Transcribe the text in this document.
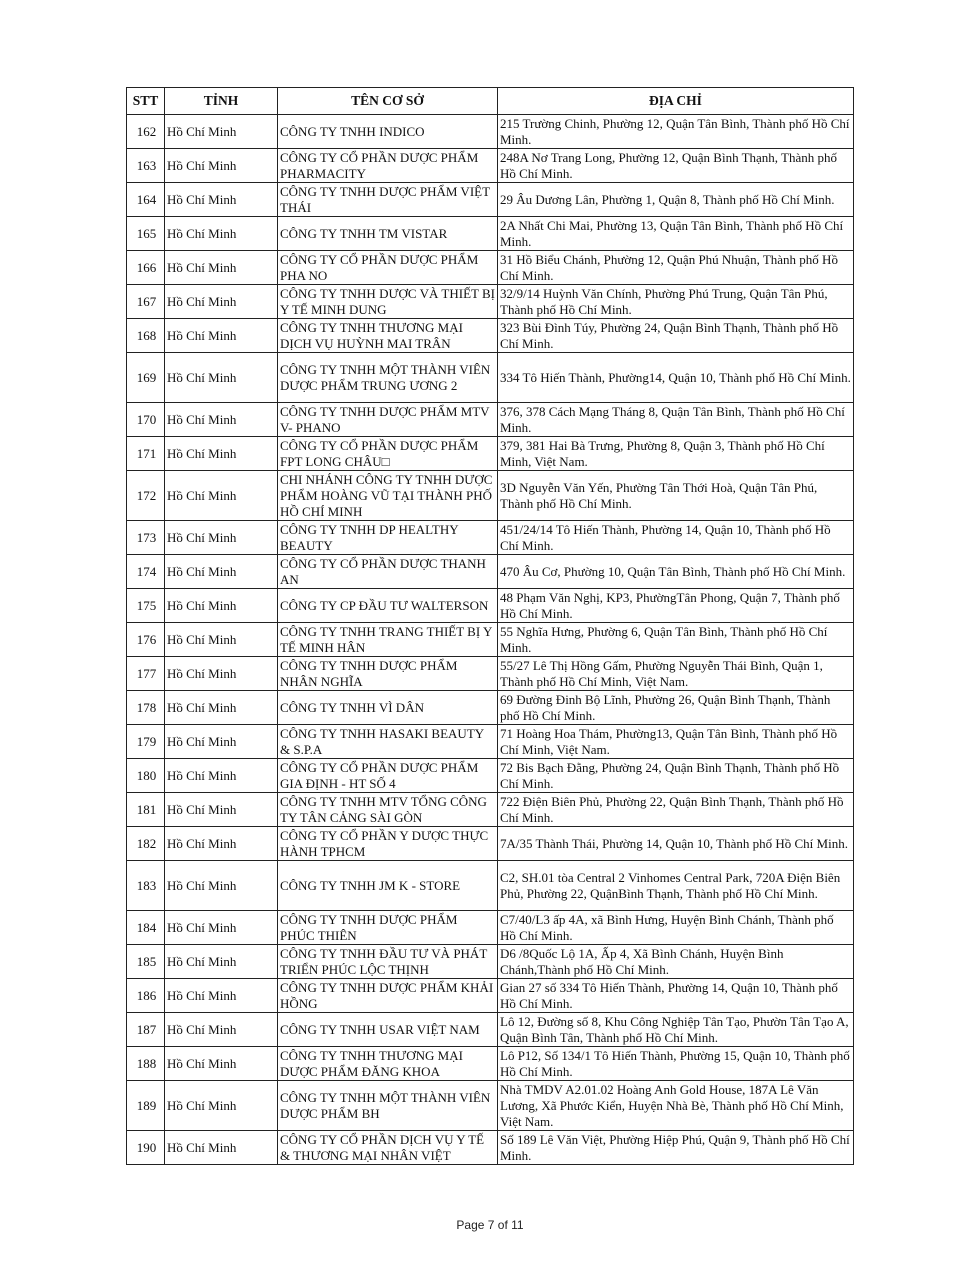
STT	TỈNH	TÊN CƠ SỞ	ĐỊA CHỈ
162	Hồ Chí Minh	CÔNG TY TNHH INDICO	215 Trường Chinh, Phường 12, Quận Tân Bình, Thành phố Hồ Chí Minh.
163	Hồ Chí Minh	CÔNG TY CỔ PHẦN DƯỢC PHẨM PHARMACITY	248A Nơ Trang Long, Phường 12, Quận Bình Thạnh, Thành phố Hồ Chí Minh.
164	Hồ Chí Minh	CÔNG TY TNHH DƯỢC PHẨM VIỆT THÁI	29 Âu Dương Lân, Phường 1, Quận 8, Thành phố Hồ Chí Minh.
165	Hồ Chí Minh	CÔNG TY TNHH TM VISTAR	2A Nhất Chi Mai, Phường 13, Quận Tân Bình, Thành phố Hồ Chí Minh.
166	Hồ Chí Minh	CÔNG TY CỔ PHẦN DƯỢC PHẨM PHA NO	31 Hồ Biểu Chánh, Phường 12, Quận Phú Nhuận, Thành phố Hồ Chí Minh.
167	Hồ Chí Minh	CÔNG TY TNHH DƯỢC VÀ THIẾT BỊ Y TẾ MINH DUNG	32/9/14 Huỳnh Văn Chính, Phường Phú Trung, Quận Tân Phú, Thành phố Hồ Chí Minh.
168	Hồ Chí Minh	CÔNG TY TNHH THƯƠNG MẠI DỊCH VỤ HUỲNH MAI TRÂN	323 Bùi Đình Túy, Phường 24, Quận Bình Thạnh, Thành phố Hồ Chí Minh.
169	Hồ Chí Minh	CÔNG TY TNHH MỘT THÀNH VIÊN DƯỢC PHẨM TRUNG ƯƠNG 2	334 Tô Hiến Thành, Phường14, Quận 10, Thành phố Hồ Chí Minh.
170	Hồ Chí Minh	CÔNG TY TNHH DƯỢC PHẨM MTV V- PHANO	376, 378 Cách Mạng Tháng 8, Quận Tân Bình, Thành phố Hồ Chí Minh.
171	Hồ Chí Minh	CÔNG TY CỔ PHẦN DƯỢC PHẨM FPT LONG CHÂU□	379, 381 Hai Bà Trưng, Phường 8, Quận 3, Thành phố Hồ Chí Minh, Việt Nam.
172	Hồ Chí Minh	CHI NHÁNH CÔNG TY TNHH DƯỢC PHẨM HOÀNG VŨ TẠI THÀNH PHỐ HỒ CHÍ MINH	3D Nguyễn Văn Yến, Phường Tân Thới Hoà, Quận Tân Phú, Thành phố Hồ Chí Minh.
173	Hồ Chí Minh	CÔNG TY TNHH DP HEALTHY BEAUTY	451/24/14 Tô Hiến Thành, Phường 14, Quận 10, Thành phố Hồ Chí Minh.
174	Hồ Chí Minh	CÔNG TY CỔ PHẦN DƯỢC THANH AN	470 Âu Cơ, Phường 10, Quận Tân Bình, Thành phố Hồ Chí Minh.
175	Hồ Chí Minh	CÔNG TY CP ĐẦU TƯ WALTERSON	48 Phạm Văn Nghị, KP3, PhườngTân Phong, Quận 7, Thành phố Hồ Chí Minh.
176	Hồ Chí Minh	CÔNG TY TNHH TRANG THIẾT BỊ Y TẾ MINH HÂN	55 Nghĩa Hưng, Phường 6, Quận Tân Bình, Thành phố Hồ Chí Minh.
177	Hồ Chí Minh	CÔNG TY TNHH DƯỢC PHẨM NHÂN NGHĨA	55/27 Lê Thị Hồng Gấm, Phường Nguyễn Thái Bình, Quận 1, Thành phố Hồ Chí Minh, Việt Nam.
178	Hồ Chí Minh	CÔNG TY TNHH VÌ DÂN	69 Đường Đinh Bộ Lĩnh, Phường 26, Quận Bình Thạnh, Thành phố Hồ Chí Minh.
179	Hồ Chí Minh	CÔNG TY TNHH HASAKI BEAUTY & S.P.A	71 Hoàng Hoa Thám, Phường13, Quận Tân Bình, Thành phố Hồ Chí Minh, Việt Nam.
180	Hồ Chí Minh	CÔNG TY CỔ PHẦN DƯỢC PHẨM GIA ĐỊNH - HT SỐ 4	72 Bis Bạch Đằng, Phường 24, Quận Bình Thạnh, Thành phố Hồ Chí Minh.
181	Hồ Chí Minh	CÔNG TY TNHH MTV TỔNG CÔNG TY TÂN CẢNG SÀI GÒN	722 Điện Biên Phủ, Phường 22, Quận Bình Thạnh, Thành phố Hồ Chí Minh.
182	Hồ Chí Minh	CÔNG TY CỔ PHẦN Y DƯỢC THỰC HÀNH TPHCM	7A/35 Thành Thái, Phường 14, Quận 10, Thành phố Hồ Chí Minh.
183	Hồ Chí Minh	CÔNG TY TNHH JM K - STORE	C2, SH.01 tòa Central 2 Vinhomes Central Park, 720A Điện Biên Phủ, Phường 22, QuậnBình Thạnh, Thành phố Hồ Chí Minh.
184	Hồ Chí Minh	CÔNG TY TNHH DƯỢC PHẨM PHÚC THIÊN	C7/40/L3 ấp 4A, xã Bình Hưng, Huyện Bình Chánh, Thành phố Hồ Chí Minh.
185	Hồ Chí Minh	CÔNG TY TNHH ĐẦU TƯ VÀ PHÁT TRIỂN PHÚC LỘC THỊNH	D6 /8Quốc Lộ 1A, Ấp 4, Xã Bình Chánh, Huyện Bình Chánh,Thành phố Hồ Chí Minh.
186	Hồ Chí Minh	CÔNG TY TNHH DƯỢC PHẨM KHẢI HỒNG	Gian 27 số 334 Tô Hiến Thành, Phường 14, Quận 10, Thành phố Hồ Chí Minh.
187	Hồ Chí Minh	CÔNG TY TNHH USAR VIỆT NAM	Lô 12, Đường số 8, Khu Công Nghiệp Tân Tạo, Phườn Tân Tạo A, Quận Bình Tân, Thành phố Hồ Chí Minh.
188	Hồ Chí Minh	CÔNG TY TNHH THƯƠNG MẠI DƯỢC PHẨM ĐĂNG KHOA	Lô P12, Số 134/1 Tô Hiến Thành, Phường 15, Quận 10, Thành phố Hồ Chí Minh.
189	Hồ Chí Minh	CÔNG TY TNHH MỘT THÀNH VIÊN DƯỢC PHẨM BH	Nhà TMDV A2.01.02 Hoàng Anh Gold House, 187A Lê Văn Lương, Xã Phước Kiển, Huyện Nhà Bè, Thành phố Hồ Chí Minh, Việt Nam.
190	Hồ Chí Minh	CÔNG TY CỔ PHẦN DỊCH VỤ Y TẾ & THƯƠNG MẠI NHÂN VIỆT	Số 189 Lê Văn Việt, Phường Hiệp Phú, Quận 9, Thành phố Hồ Chí Minh.
Page 7 of 11
